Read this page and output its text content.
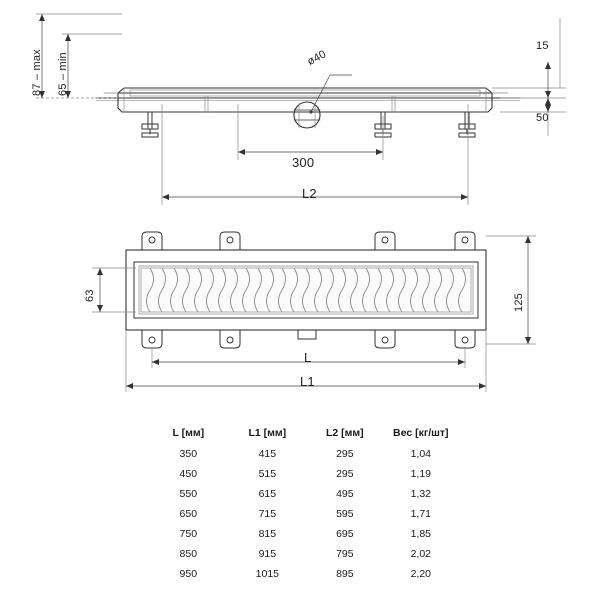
87 – max 65 – min
15
50
ø40
300
L2
63	125
L
L1
L [мм]	L1 [мм]	L2 [мм]	Вес [кг/шт]
350	415	295	1,04
450	515	295	1,19
550	615	495	1,32
650	715	595	1,71
750	815	695	1,85
850	915	795	2,02
950	1015	895	2,20
